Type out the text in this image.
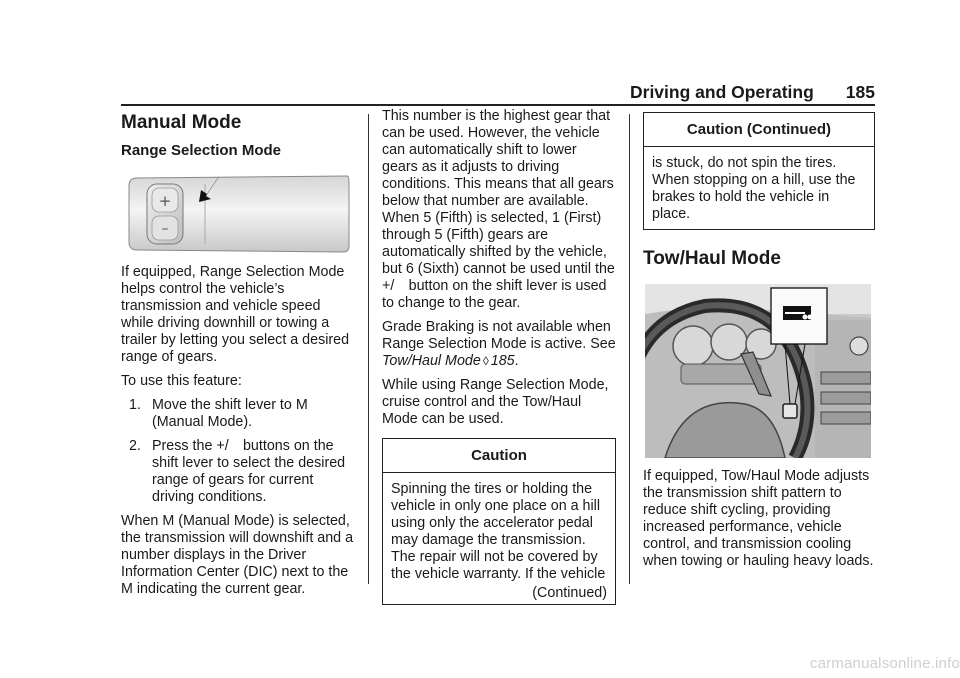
Driving and Operating 185
Manual Mode
Range Selection Mode
+
–

If equipped, Range Selection Mode helps control the vehicle’s transmission and vehicle speed while driving downhill or towing a trailer by letting you select a desired range of gears.

To use this feature:

1. Move the shift lever to M (Manual Mode).
2. Press the +/ buttons on the shift lever to select the desired range of gears for current driving conditions.

When M (Manual Mode) is selected, the transmission will downshift and a number displays in the Driver Information Center (DIC) next to the M indicating the current gear.

This number is the highest gear that can be used. However, the vehicle can automatically shift to lower gears as it adjusts to driving conditions. This means that all gears below that number are available. When 5 (Fifth) is selected, 1 (First) through 5 (Fifth) gears are automatically shifted by the vehicle, but 6 (Sixth) cannot be used until the +/ button on the shift lever is used to change to the gear.

Grade Braking is not available when Range Selection Mode is active. See Tow/Haul Mode ◊ 185.

While using Range Selection Mode, cruise control and the Tow/Haul Mode can be used.

Caution

Spinning the tires or holding the vehicle in only one place on a hill using only the accelerator pedal may damage the transmission. The repair will not be covered by the vehicle warranty. If the vehicle

(Continued)
Caution (Continued)

is stuck, do not spin the tires. When stopping on a hill, use the brakes to hold the vehicle in place.

Tow/Haul Mode

If equipped, Tow/Haul Mode adjusts the transmission shift pattern to reduce shift cycling, providing increased performance, vehicle control, and transmission cooling when towing or hauling heavy loads.

carmanualsonline.info
